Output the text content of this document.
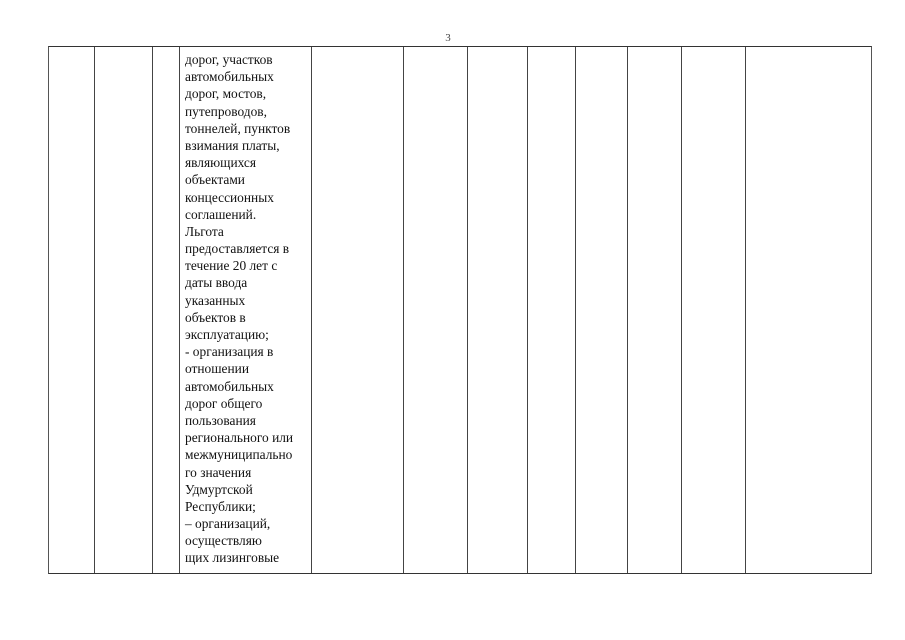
3
дорог, участков
автомобильных
дорог, мостов,
путепроводов,
тоннелей, пунктов
взимания платы,
являющихся
объектами
концессионных
соглашений.
Льгота
предоставляется в
течение 20 лет с
даты ввода
указанных
объектов в
эксплуатацию;
- организация в
отношении
автомобильных
дорог общего
пользования
регионального или
межмуниципально
го значения
Удмуртской
Республики;
– организаций,
осуществляю
щих лизинговые
